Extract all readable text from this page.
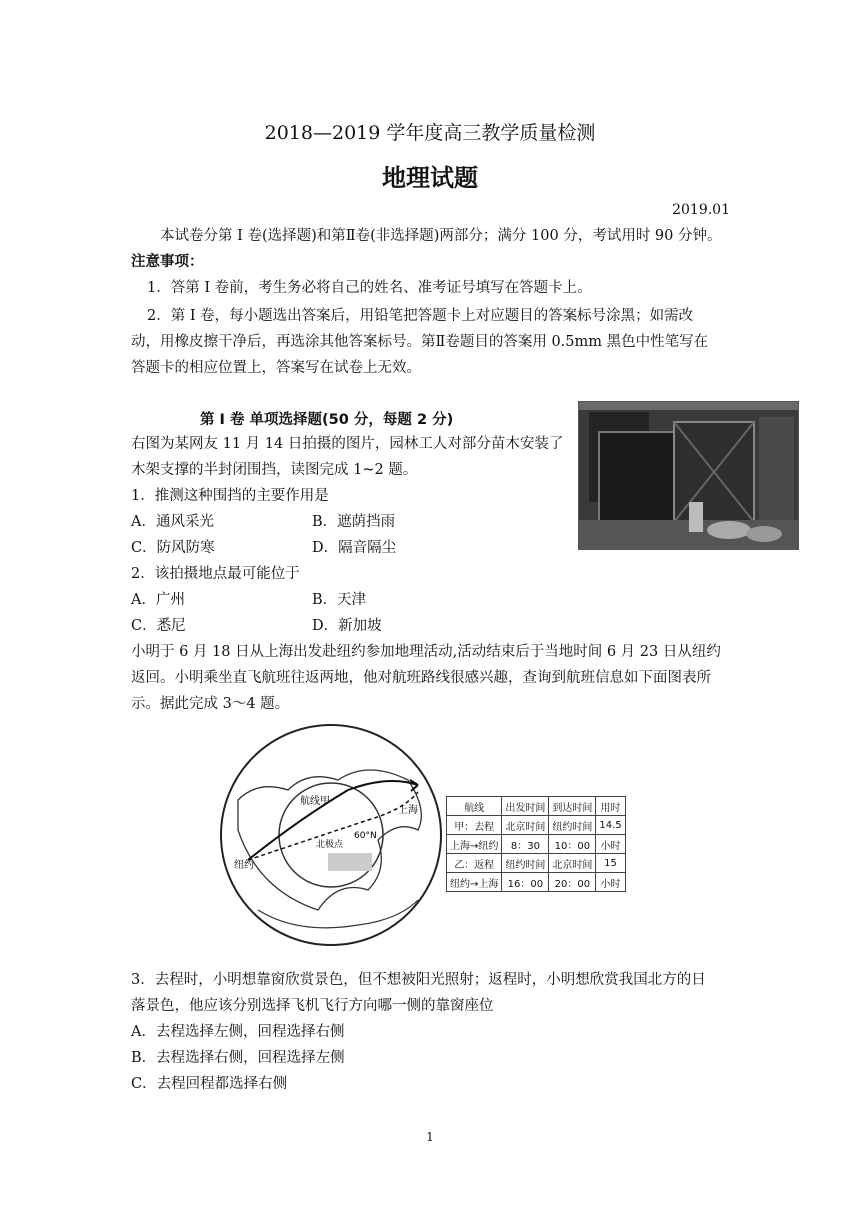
2018—2019 学年度高三教学质量检测
地理试题
2019.01
本试卷分第 I 卷(选择题)和第Ⅱ卷(非选择题)两部分；满分 100 分，考试用时 90 分钟。
注意事项：
1．答第 I 卷前，考生务必将自己的姓名、准考证号填写在答题卡上。
2．第 I 卷，每小题选出答案后，用铅笔把答题卡上对应题目的答案标号涂黑；如需改
动，用橡皮擦干净后，再选涂其他答案标号。第Ⅱ卷题目的答案用 0.5mm 黑色中性笔写在
答题卡的相应位置上，答案写在试卷上无效。
第 I 卷 单项选择题(50 分，每题 2 分)
右图为某网友 11 月 14 日拍摄的图片，园林工人对部分苗木安装了
木架支撑的半封闭围挡，读图完成 1~2 题。
1．推测这种围挡的主要作用是
A．通风采光	B．遮荫挡雨
C．防风防寒	D．隔音隔尘
2．该拍摄地点最可能位于
A．广州	B．天津
C．悉尼	D．新加坡
小明于 6 月 18 日从上海出发赴纽约参加地理活动,活动结束后于当地时间 6 月 23 日从纽约
返回。小明乘坐直飞航班往返两地，他对航班路线很感兴趣，查询到航班信息如下面图表所
示。据此完成 3～4 题。
航线甲
上海
纽约
60°N
北极点
航线	出发时间	到达时间	用时
甲：去程	北京时间	纽约时间	14.5
上海→纽约	8：30	10：00	小时
乙：返程	纽约时间	北京时间	15
纽约→上海	16：00	20：00	小时
3．去程时，小明想靠窗欣赏景色，但不想被阳光照射；返程时，小明想欣赏我国北方的日
落景色，他应该分别选择飞机飞行方向哪一侧的靠窗座位
A．去程选择左侧，回程选择右侧
B．去程选择右侧，回程选择左侧
C．去程回程都选择右侧
1
